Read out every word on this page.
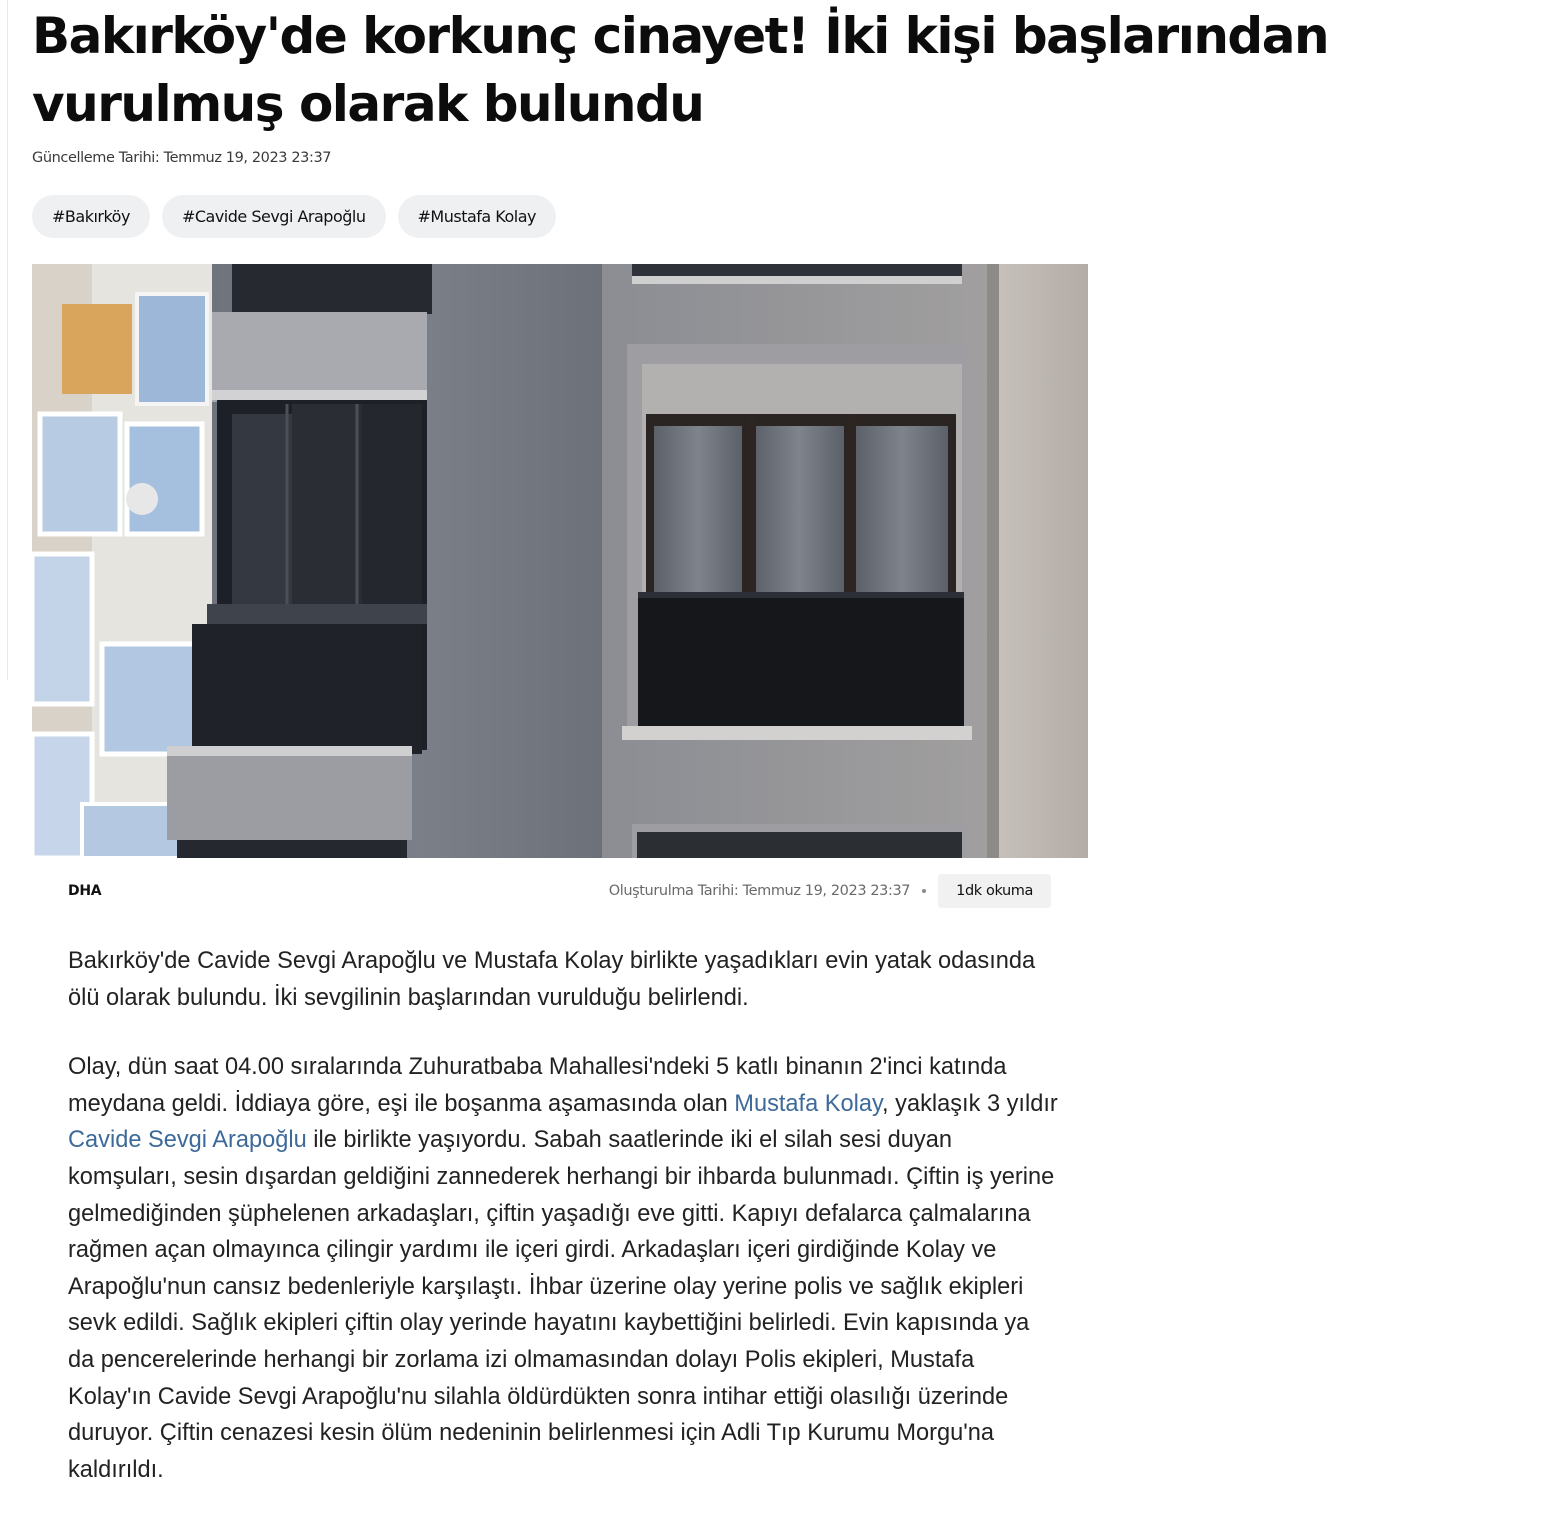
Bakırköy'de korkunç cinayet! İki kişi başlarından vurulmuş olarak bulundu
Güncelleme Tarihi: Temmuz 19, 2023 23:37
#Bakırköy	#Cavide Sevgi Arapoğlu	#Mustafa Kolay
DHA	Oluşturulma Tarihi: Temmuz 19, 2023 23:37	1dk okuma

Bakırköy'de Cavide Sevgi Arapoğlu ve Mustafa Kolay birlikte yaşadıkları evin yatak odasında ölü olarak bulundu. İki sevgilinin başlarından vurulduğu belirlendi.

Olay, dün saat 04.00 sıralarında Zuhuratbaba Mahallesi'ndeki 5 katlı binanın 2'inci katında meydana geldi. İddiaya göre, eşi ile boşanma aşamasında olan Mustafa Kolay, yaklaşık 3 yıldır Cavide Sevgi Arapoğlu ile birlikte yaşıyordu. Sabah saatlerinde iki el silah sesi duyan komşuları, sesin dışardan geldiğini zannederek herhangi bir ihbarda bulunmadı. Çiftin iş yerine gelmediğinden şüphelenen arkadaşları, çiftin yaşadığı eve gitti. Kapıyı defalarca çalmalarına rağmen açan olmayınca çilingir yardımı ile içeri girdi. Arkadaşları içeri girdiğinde Kolay ve Arapoğlu'nun cansız bedenleriyle karşılaştı. İhbar üzerine olay yerine polis ve sağlık ekipleri sevk edildi. Sağlık ekipleri çiftin olay yerinde hayatını kaybettiğini belirledi. Evin kapısında ya da pencerelerinde herhangi bir zorlama izi olmamasından dolayı Polis ekipleri, Mustafa Kolay'ın Cavide Sevgi Arapoğlu'nu silahla öldürdükten sonra intihar ettiği olasılığı üzerinde duruyor. Çiftin cenazesi kesin ölüm nedeninin belirlenmesi için Adli Tıp Kurumu Morgu'na kaldırıldı.
